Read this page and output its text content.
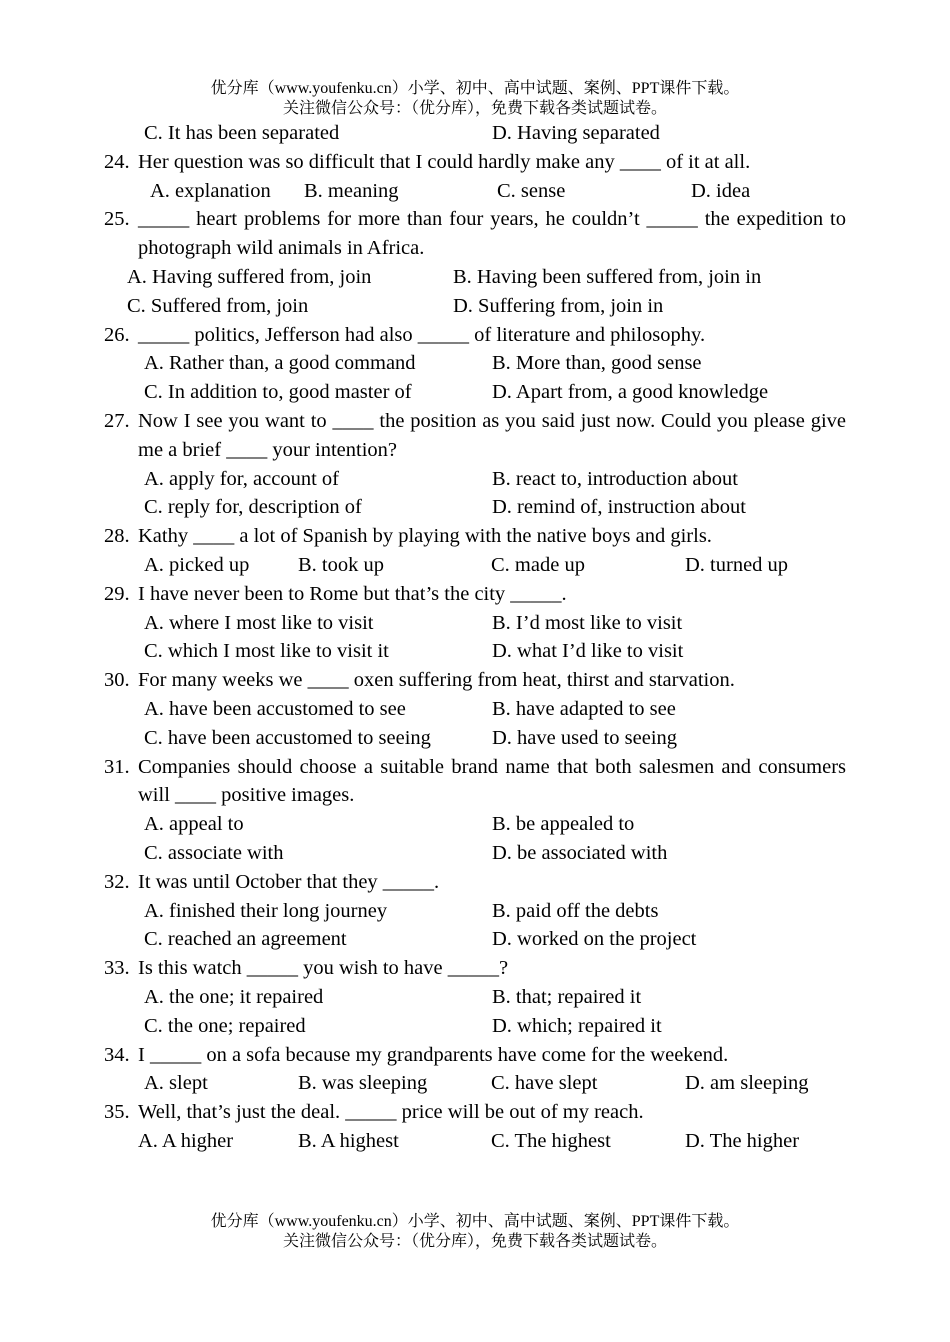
优分库（www.youfenku.cn）小学、初中、高中试题、案例、PPT课件下载。
关注微信公众号：（优分库），免费下载各类试题试卷。
C. It has been separated	D. Having separated
24. Her question was so difficult that I could hardly make any ____ of it at all.
A. explanation	B. meaning	C. sense	D. idea
25. _____ heart problems for more than four years, he couldn’t _____ the expedition to photograph wild animals in Africa.
A. Having suffered from, join	B. Having been suffered from, join in
C. Suffered from, join	D. Suffering from, join in
26. _____ politics, Jefferson had also _____ of literature and philosophy.
A. Rather than, a good command	B. More than, good sense
C. In addition to, good master of	D. Apart from, a good knowledge
27. Now I see you want to ____ the position as you said just now. Could you please give me a brief ____ your intention?
A. apply for, account of	B. react to, introduction about
C. reply for, description of	D. remind of, instruction about
28. Kathy ____ a lot of Spanish by playing with the native boys and girls.
A. picked up	B. took up	C. made up	D. turned up
29. I have never been to Rome but that’s the city _____.
A. where I most like to visit	B. I’d most like to visit
C. which I most like to visit it	D. what I’d like to visit
30. For many weeks we ____ oxen suffering from heat, thirst and starvation.
A. have been accustomed to see	B. have adapted to see
C. have been accustomed to seeing	D. have used to seeing
31. Companies should choose a suitable brand name that both salesmen and consumers will ____ positive images.
A. appeal to	B. be appealed to
C. associate with	D. be associated with
32. It was until October that they _____.
A. finished their long journey	B. paid off the debts
C. reached an agreement	D. worked on the project
33. Is this watch _____ you wish to have _____?
A. the one; it repaired	B. that; repaired it
C. the one; repaired	D. which; repaired it
34. I _____ on a sofa because my grandparents have come for the weekend.
A. slept	B. was sleeping	C. have slept	D. am sleeping
35. Well, that’s just the deal. _____ price will be out of my reach.
A. A higher	B. A highest	C. The highest	D. The higher
优分库（www.youfenku.cn）小学、初中、高中试题、案例、PPT课件下载。
关注微信公众号：（优分库），免费下载各类试题试卷。
